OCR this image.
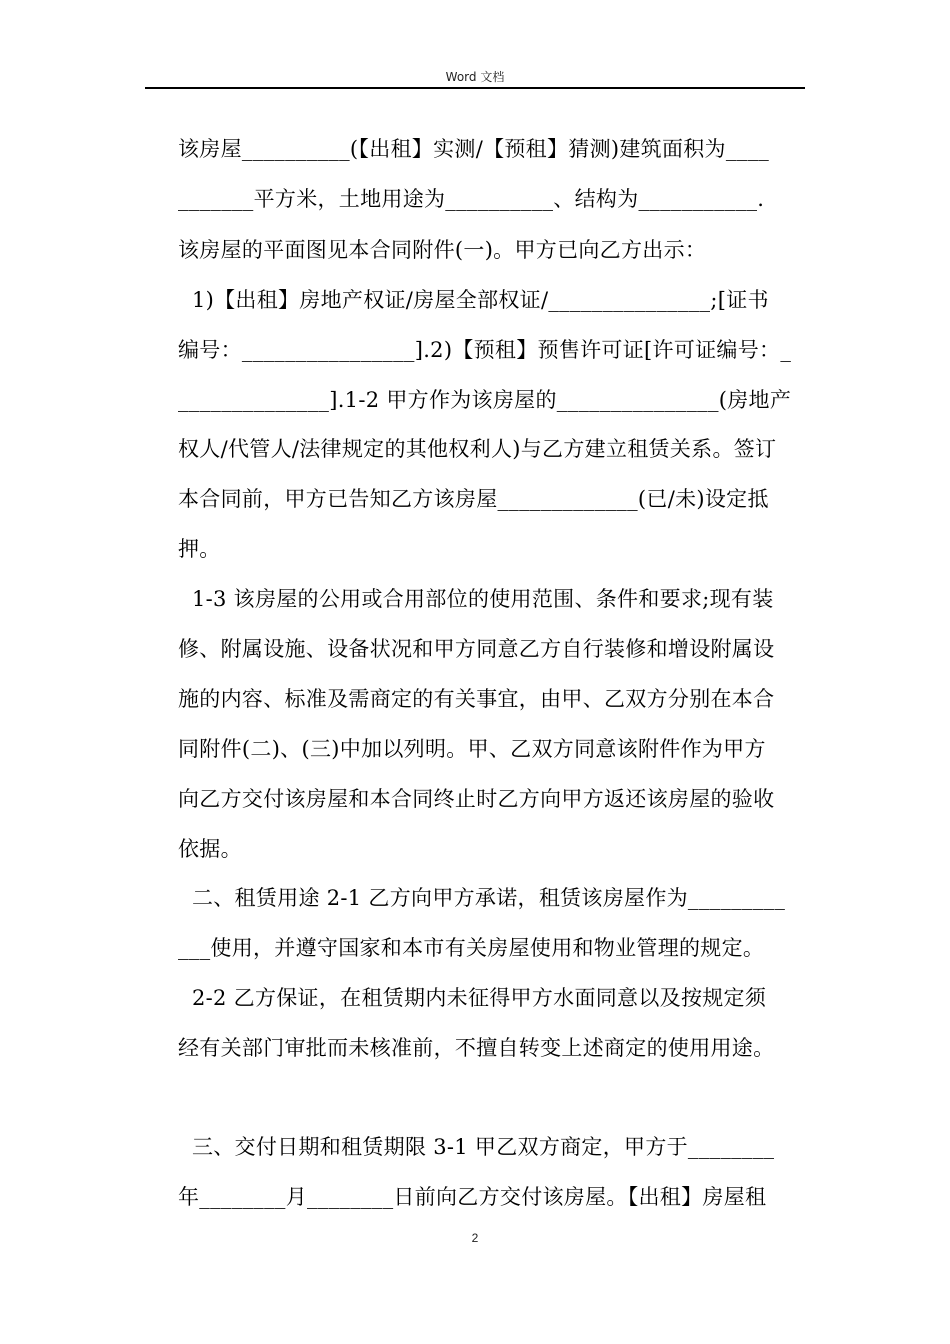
Word 文档
该房屋__________(【出租】实测/【预租】猜测)建筑面积为____
_______平方米，土地用途为__________、结构为___________.
该房屋的平面图见本合同附件(一)。甲方已向乙方出示：
1)【出租】房地产权证/房屋全部权证/_______________;[证书
编号：________________].2)【预租】预售许可证[许可证编号：_
______________].1-2 甲方作为该房屋的_______________(房地产
权人/代管人/法律规定的其他权利人)与乙方建立租赁关系。签订
本合同前，甲方已告知乙方该房屋_____________(已/未)设定抵
押。
1-3 该房屋的公用或合用部位的使用范围、条件和要求;现有装
修、附属设施、设备状况和甲方同意乙方自行装修和增设附属设
施的内容、标准及需商定的有关事宜，由甲、乙双方分别在本合
同附件(二)、(三)中加以列明。甲、乙双方同意该附件作为甲方
向乙方交付该房屋和本合同终止时乙方向甲方返还该房屋的验收
依据。
二、租赁用途 2-1 乙方向甲方承诺，租赁该房屋作为_________
___使用，并遵守国家和本市有关房屋使用和物业管理的规定。
2-2 乙方保证，在租赁期内未征得甲方水面同意以及按规定须
经有关部门审批而未核准前，不擅自转变上述商定的使用用途。
三、交付日期和租赁期限 3-1 甲乙双方商定，甲方于________
年________月________日前向乙方交付该房屋。【出租】房屋租
2
